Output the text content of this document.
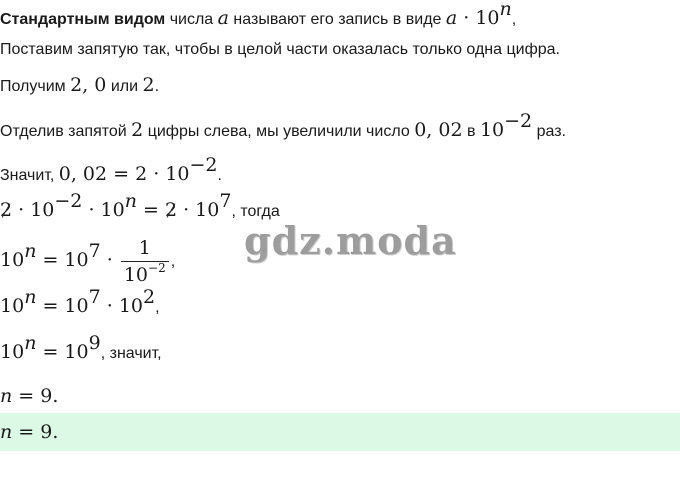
Стандартным видом числа a называют его запись в виде $a \cdot 10^n$,
Поставим запятую так, чтобы в целой части оказалась только одна цифра.
Получим 2, 0 или 2.
Отделив запятой 2 цифры слева, мы увеличили число 0, 02 в $10^{-2}$ раз.
Значит, 0, $02 = 2 \cdot 10^{-2}$.
$2 \cdot 10^{-2} \cdot 10^n = 2 \cdot 10^7$, тогда
gdz.moda
$10^n = 10^7 \cdot \frac{1}{10^{-2}}$ ,
$10^n = 10^7 \cdot 10^2$,
$10^n = 10^9$, значит,
n = 9.
n = 9.
